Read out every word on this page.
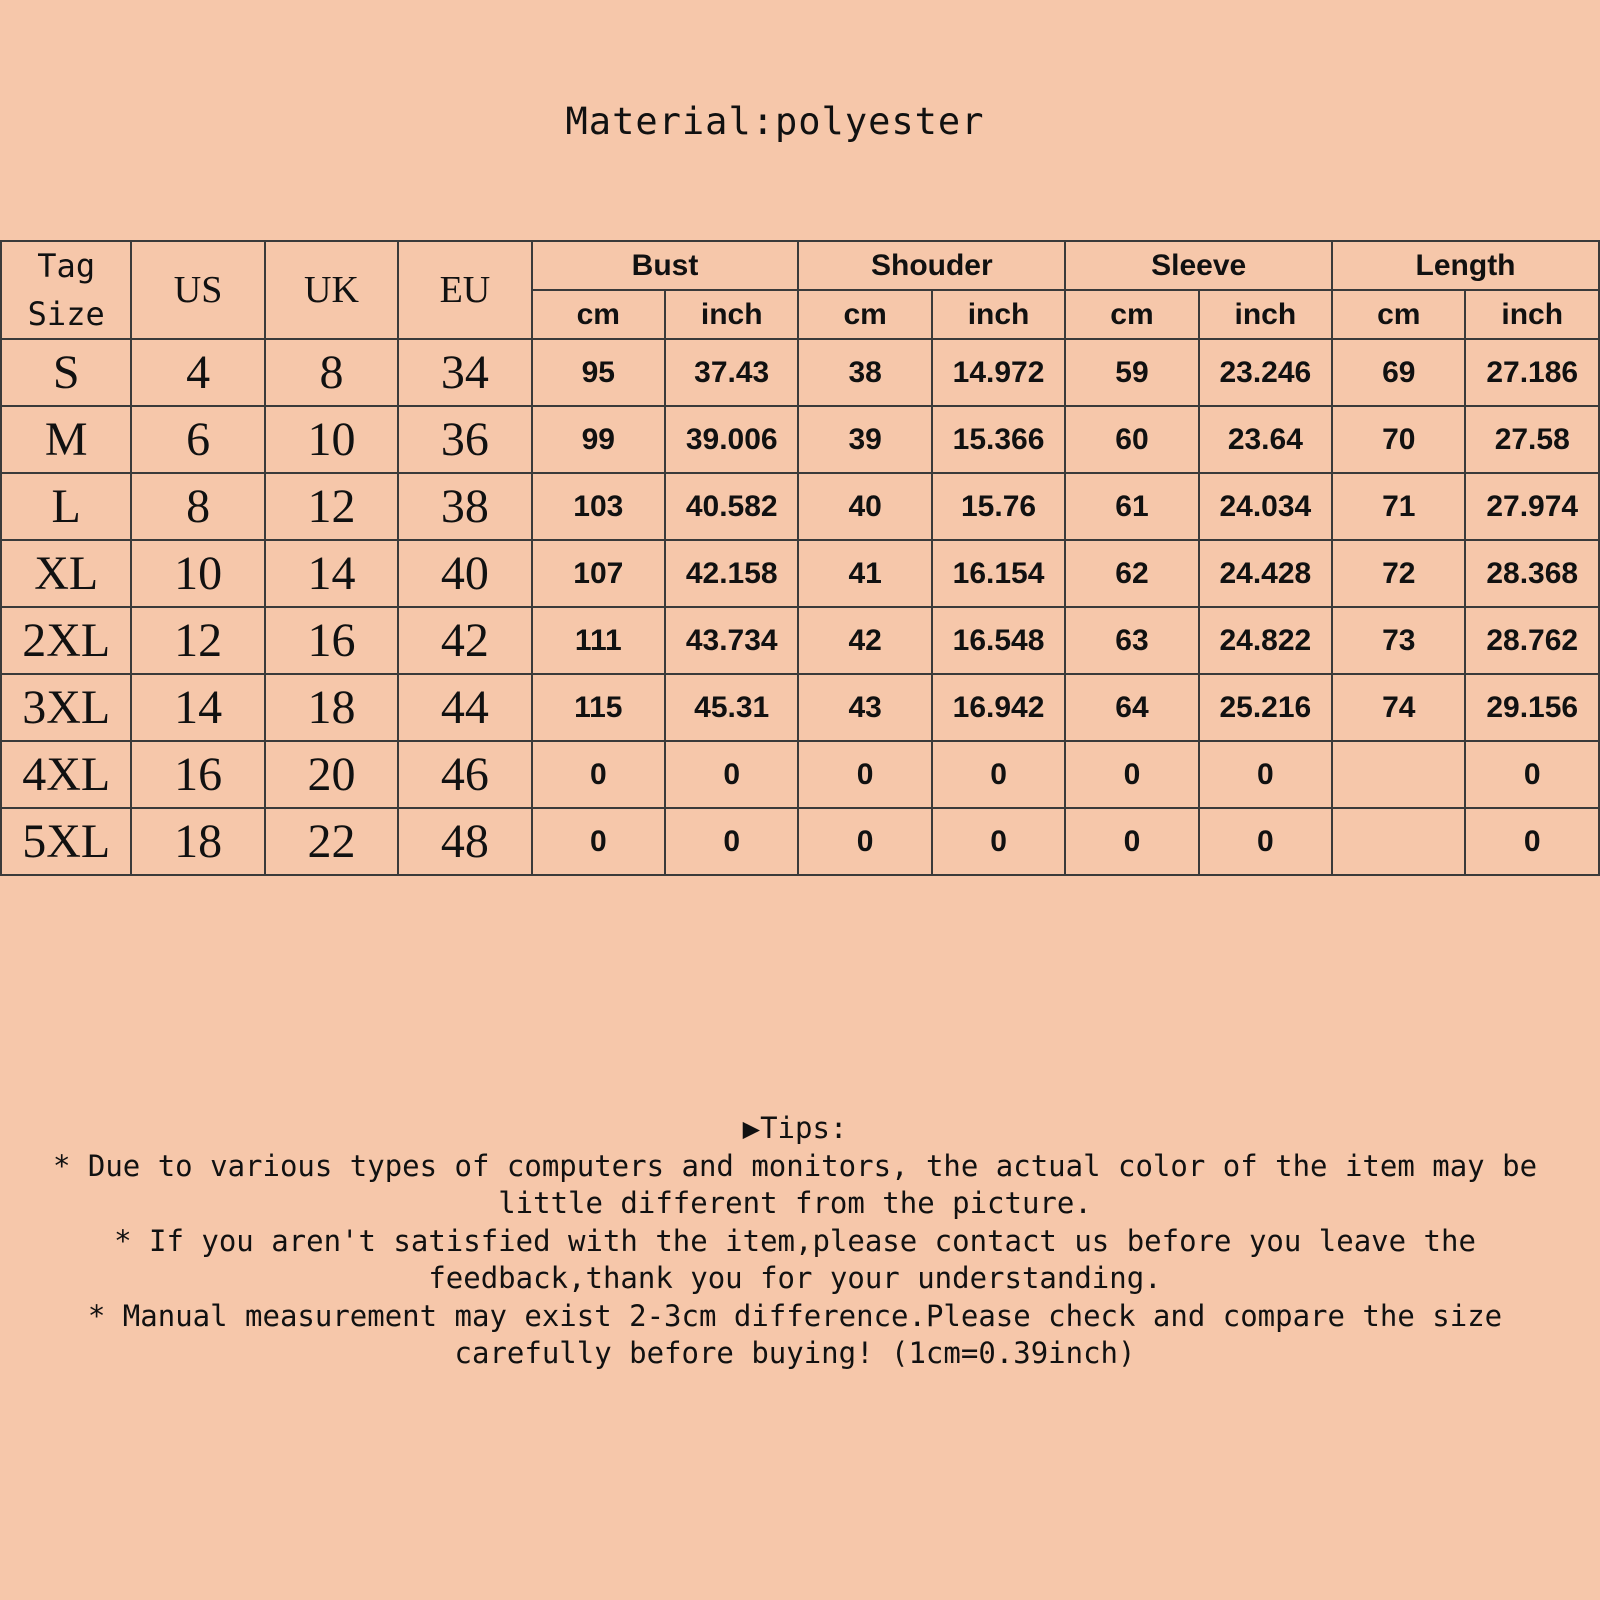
Material:polyester
Tag Size	US	UK	EU	Bust		Shouder		Sleeve		Length	
				cm	inch	cm	inch	cm	inch	cm	inch
S	4	8	34	95	37.43	38	14.972	59	23.246	69	27.186
M	6	10	36	99	39.006	39	15.366	60	23.64	70	27.58
L	8	12	38	103	40.582	40	15.76	61	24.034	71	27.974
XL	10	14	40	107	42.158	41	16.154	62	24.428	72	28.368
2XL	12	16	42	111	43.734	42	16.548	63	24.822	73	28.762
3XL	14	18	44	115	45.31	43	16.942	64	25.216	74	29.156
4XL	16	20	46	0	0	0	0	0	0		0
5XL	18	22	48	0	0	0	0	0	0		0

▶Tips:

* Due to various types of computers and monitors, the actual color of the item may be little different from the picture.

* If you aren't satisfied with the item,please contact us before you leave the feedback,thank you for your understanding.

* Manual measurement may exist 2-3cm difference.Please check and compare the size carefully before buying! (1cm=0.39inch)
